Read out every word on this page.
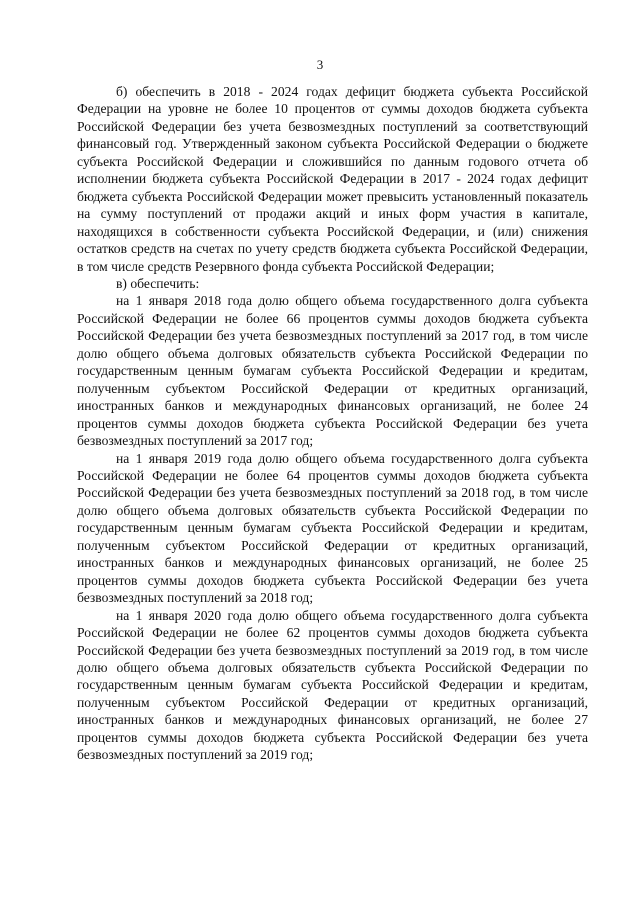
3

б) обеспечить в 2018 - 2024 годах дефицит бюджета субъекта Российской Федерации на уровне не более 10 процентов от суммы доходов бюджета субъекта Российской Федерации без учета безвозмездных поступлений за соответствующий финансовый год. Утвержденный законом субъекта Российской Федерации о бюджете субъекта Российской Федерации и сложившийся по данным годового отчета об исполнении бюджета субъекта Российской Федерации в 2017 - 2024 годах дефицит бюджета субъекта Российской Федерации может превысить установленный показатель на сумму поступлений от продажи акций и иных форм участия в капитале, находящихся в собственности субъекта Российской Федерации, и (или) снижения остатков средств на счетах по учету средств бюджета субъекта Российской Федерации, в том числе средств Резервного фонда субъекта Российской Федерации;

в) обеспечить:

на 1 января 2018 года долю общего объема государственного долга субъекта Российской Федерации не более 66 процентов суммы доходов бюджета субъекта Российской Федерации без учета безвозмездных поступлений за 2017 год, в том числе долю общего объема долговых обязательств субъекта Российской Федерации по государственным ценным бумагам субъекта Российской Федерации и кредитам, полученным субъектом Российской Федерации от кредитных организаций, иностранных банков и международных финансовых организаций, не более 24 процентов суммы доходов бюджета субъекта Российской Федерации без учета безвозмездных поступлений за 2017 год;

на 1 января 2019 года долю общего объема государственного долга субъекта Российской Федерации не более 64 процентов суммы доходов бюджета субъекта Российской Федерации без учета безвозмездных поступлений за 2018 год, в том числе долю общего объема долговых обязательств субъекта Российской Федерации по государственным ценным бумагам субъекта Российской Федерации и кредитам, полученным субъектом Российской Федерации от кредитных организаций, иностранных банков и международных финансовых организаций, не более 25 процентов суммы доходов бюджета субъекта Российской Федерации без учета безвозмездных поступлений за 2018 год;

на 1 января 2020 года долю общего объема государственного долга субъекта Российской Федерации не более 62 процентов суммы доходов бюджета субъекта Российской Федерации без учета безвозмездных поступлений за 2019 год, в том числе долю общего объема долговых обязательств субъекта Российской Федерации по государственным ценным бумагам субъекта Российской Федерации и кредитам, полученным субъектом Российской Федерации от кредитных организаций, иностранных банков и международных финансовых организаций, не более 27 процентов суммы доходов бюджета субъекта Российской Федерации без учета безвозмездных поступлений за 2019 год;
